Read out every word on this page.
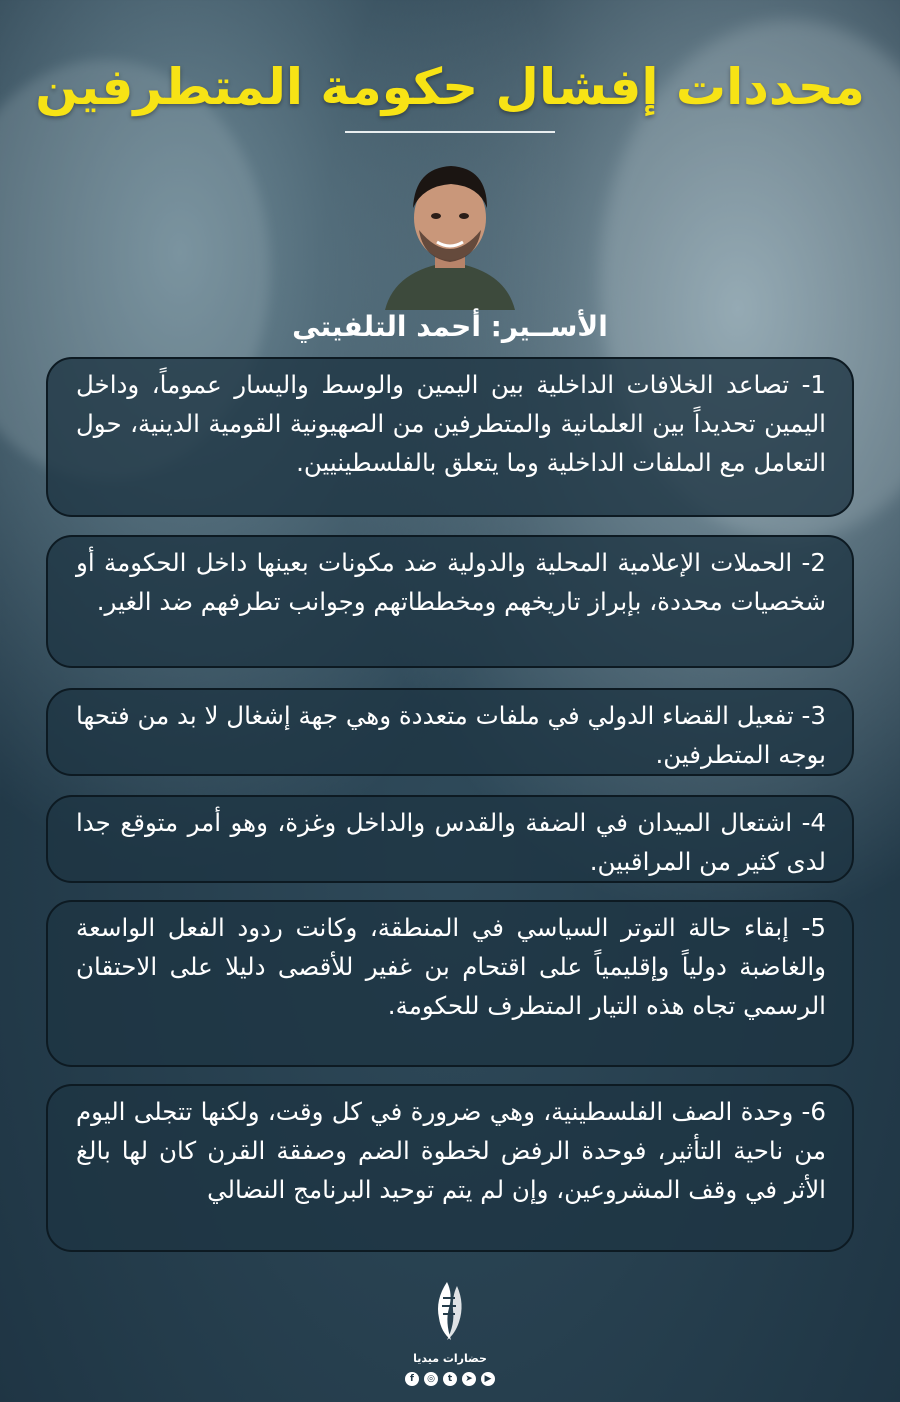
محددات إفشال حكومة المتطرفين
الأســير: أحمد التلفيتي
1- تصاعد الخلافات الداخلية بين اليمين والوسط واليسار عموماً، وداخل اليمين تحديداً بين العلمانية والمتطرفين من الصهيونية القومية الدينية، حول التعامل مع الملفات الداخلية وما يتعلق بالفلسطينيين.
2- الحملات الإعلامية المحلية والدولية ضد مكونات بعينها داخل الحكومة أو شخصيات محددة، بإبراز تاريخهم ومخططاتهم وجوانب تطرفهم ضد الغير.
3- تفعيل القضاء الدولي في ملفات متعددة وهي جهة إشغال لا بد من فتحها بوجه المتطرفين.
4- اشتعال الميدان في الضفة والقدس والداخل وغزة، وهو أمر متوقع جدا لدى كثير من المراقبين.
5- إبقاء حالة التوتر السياسي في المنطقة، وكانت ردود الفعل الواسعة والغاضبة دولياً وإقليمياً على اقتحام بن غفير للأقصى دليلا على الاحتقان الرسمي تجاه هذه التيار المتطرف للحكومة.
6- وحدة الصف الفلسطينية، وهي ضرورة في كل وقت، ولكنها تتجلى اليوم من ناحية التأثير، فوحدة الرفض لخطوة الضم وصفقة القرن كان لها بالغ الأثر في وقف المشروعين، وإن لم يتم توحيد البرنامج النضالي
حضارات ميديا
f	◎	t	➤	▶
